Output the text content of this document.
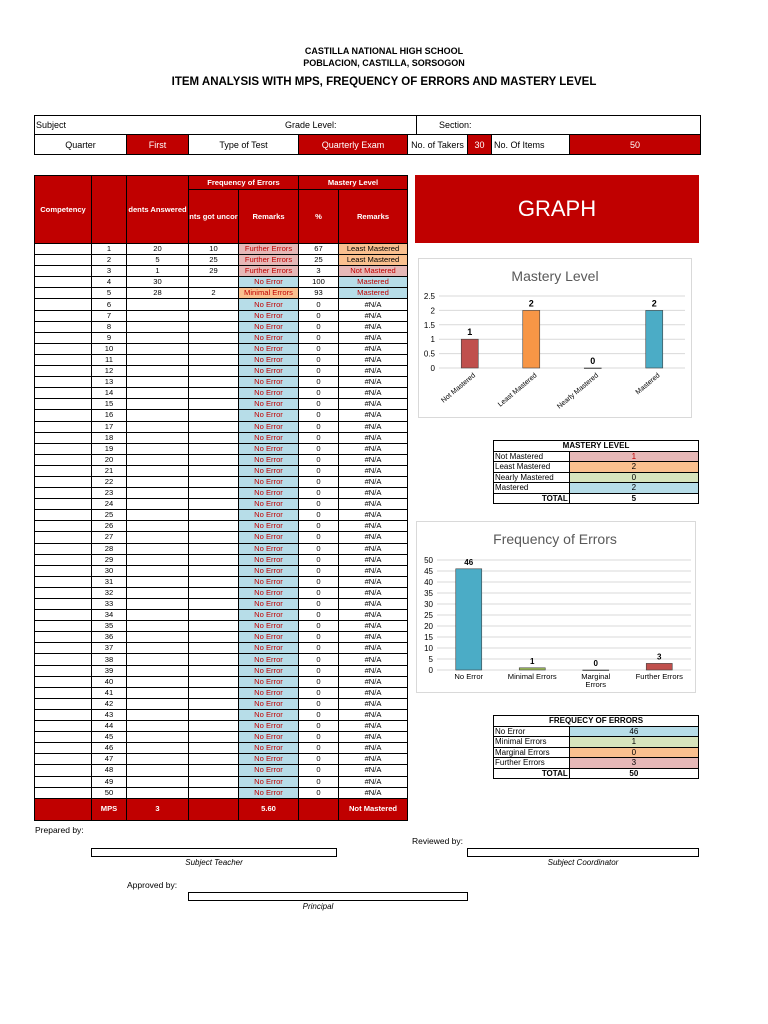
CASTILLA NATIONAL HIGH SCHOOL
POBLACION, CASTILLA, SORSOGON
ITEM ANALYSIS WITH MPS, FREQUENCY OF ERRORS AND MASTERY LEVEL
Subject	Grade Level:	Section:
Quarter	First	Type of Test	Quarterly Exam	No. of Takers	30	No. Of Items	50
Competency		dents Answered	Frequency of Errors		Mastery Level	
			nts got uncor	Remarks	%	Remarks

	1	20	10	Further Errors	67	Least Mastered
	2	5	25	Further Errors	25	Least Mastered
	3	1	29	Further Errors	3	Not Mastered
	4	30		No Error	100	Mastered
	5	28	2	Minimal Errors	93	Mastered
	6			No Error	0	#N/A
	7			No Error	0	#N/A
	8			No Error	0	#N/A
	9			No Error	0	#N/A
	10			No Error	0	#N/A
	11			No Error	0	#N/A
	12			No Error	0	#N/A
	13			No Error	0	#N/A
	14			No Error	0	#N/A
	15			No Error	0	#N/A
	16			No Error	0	#N/A
	17			No Error	0	#N/A
	18			No Error	0	#N/A
	19			No Error	0	#N/A
	20			No Error	0	#N/A
	21			No Error	0	#N/A
	22			No Error	0	#N/A
	23			No Error	0	#N/A
	24			No Error	0	#N/A
	25			No Error	0	#N/A
	26			No Error	0	#N/A
	27			No Error	0	#N/A
	28			No Error	0	#N/A
	29			No Error	0	#N/A
	30			No Error	0	#N/A
	31			No Error	0	#N/A
	32			No Error	0	#N/A
	33			No Error	0	#N/A
	34			No Error	0	#N/A
	35			No Error	0	#N/A
	36			No Error	0	#N/A
	37			No Error	0	#N/A
	38			No Error	0	#N/A
	39			No Error	0	#N/A
	40			No Error	0	#N/A
	41			No Error	0	#N/A
	42			No Error	0	#N/A
	43			No Error	0	#N/A
	44			No Error	0	#N/A
	45			No Error	0	#N/A
	46			No Error	0	#N/A
	47			No Error	0	#N/A
	48			No Error	0	#N/A
	49			No Error	0	#N/A
	50			No Error	0	#N/A
	MPS	3		5.60		Not Mastered
GRAPH
Mastery Level
0
0.5
1
1.5
2
2.5
1
Not Mastered
2
Least Mastered
0
Nearly Mastered
2
Mastered
MASTERY LEVEL	
Not Mastered	1
Least Mastered	2
Nearly Mastered	0
Mastered	2
TOTAL	5
Frequency of Errors
0
5
10
15
20
25
30
35
40
45
50	46
No Error
1
Minimal Errors
0
Marginal
Errors
3
Further Errors
FREQUECY OF ERRORS	
No Error	46
Minimal Errors	1
Marginal Errors	0
Further Errors	3
TOTAL	50
Prepared by:
Subject Teacher
Reviewed by:
Subject Coordinator
Approved by:
Principal
